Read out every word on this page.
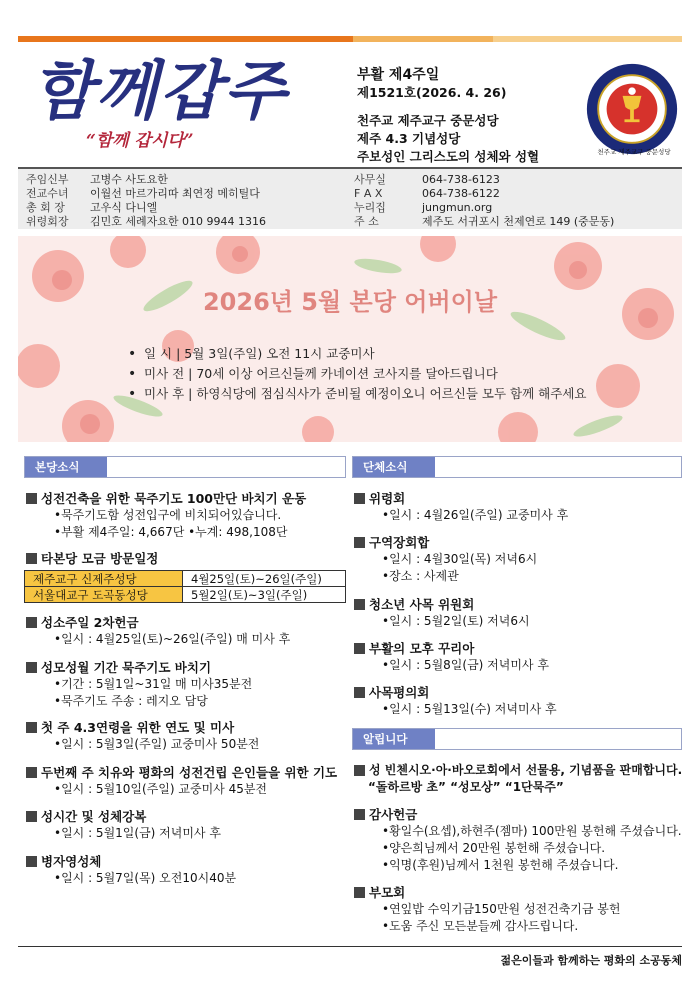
함께갑주
“함께 갑시다”
부활 제4주일
제1521호(2026. 4. 26)
천주교 제주교구 중문성당
제주 4.3 기념성당
주보성인 그리스도의 성체와 성혈	천주교 제주교구 중문성당
주임신부 고병수 사도요한	사무실	064-738-6123
전교수녀 이월선 마르가리따 최연정 메히틸다	F A X	064-738-6122
총 회 장 고우식 다니엘	누리집	jungmun.org
위령회장 김민호 세례자요한 010 9944 1316	주 소	제주도 서귀포시 천제연로 149 (중문동)
2026년 5월 본당 어버이날
• 일 시 | 5월 3일(주일) 오전 11시 교중미사
• 미사 전 | 70세 이상 어르신들께 카네이션 코사지를 달아드립니다
• 미사 후 | 하영식당에 점심식사가 준비될 예정이오니 어르신들 모두 함께 해주세요
본당소식
성전건축을 위한 묵주기도 100만단 바치기 운동
•묵주기도함 성전입구에 비치되어있습니다.
•부활 제4주일: 4,667단 •누계: 498,108단
타본당 모금 방문일정
제주교구 신제주성당	4월25일(토)~26일(주일)
서울대교구 도곡동성당	5월2일(토)~3일(주일)
성소주일 2차헌금
•일시 : 4월25일(토)~26일(주일) 매 미사 후
성모성월 기간 묵주기도 바치기
•기간 : 5월1일~31일 매 미사35분전
•묵주기도 주송 : 레지오 담당
첫 주 4.3연령을 위한 연도 및 미사
•일시 : 5월3일(주일) 교중미사 50분전
두번째 주 치유와 평화의 성전건립 은인들을 위한 기도
•일시 : 5월10일(주일) 교중미사 45분전
성시간 및 성체강복
•일시 : 5월1일(금) 저녁미사 후
병자영성체
•일시 : 5월7일(목) 오전10시40분
단체소식
위령회
•일시 : 4월26일(주일) 교중미사 후
구역장회합
•일시 : 4월30일(목) 저녁6시
•장소 : 사제관
청소년 사목 위원회
•일시 : 5월2일(토) 저녁6시
부활의 모후 꾸리아
•일시 : 5월8일(금) 저녁미사 후
사목평의회
•일시 : 5월13일(수) 저녁미사 후
알립니다
성 빈첸시오·아·바오로회에서 선물용, 기념품을 판매합니다.
“돌하르방 초” “성모상” “1단묵주”
감사헌금
•황일수(요셉),하현주(젬마) 100만원 봉헌해 주셨습니다.
•양은희님께서 20만원 봉헌해 주셨습니다.
•익명(후원)님께서 1천원 봉헌해 주셨습니다.
부모회
•연잎밥 수익기금150만원 성전건축기금 봉헌
•도움 주신 모든분들께 감사드립니다.
젊은이들과 함께하는 평화의 소공동체
